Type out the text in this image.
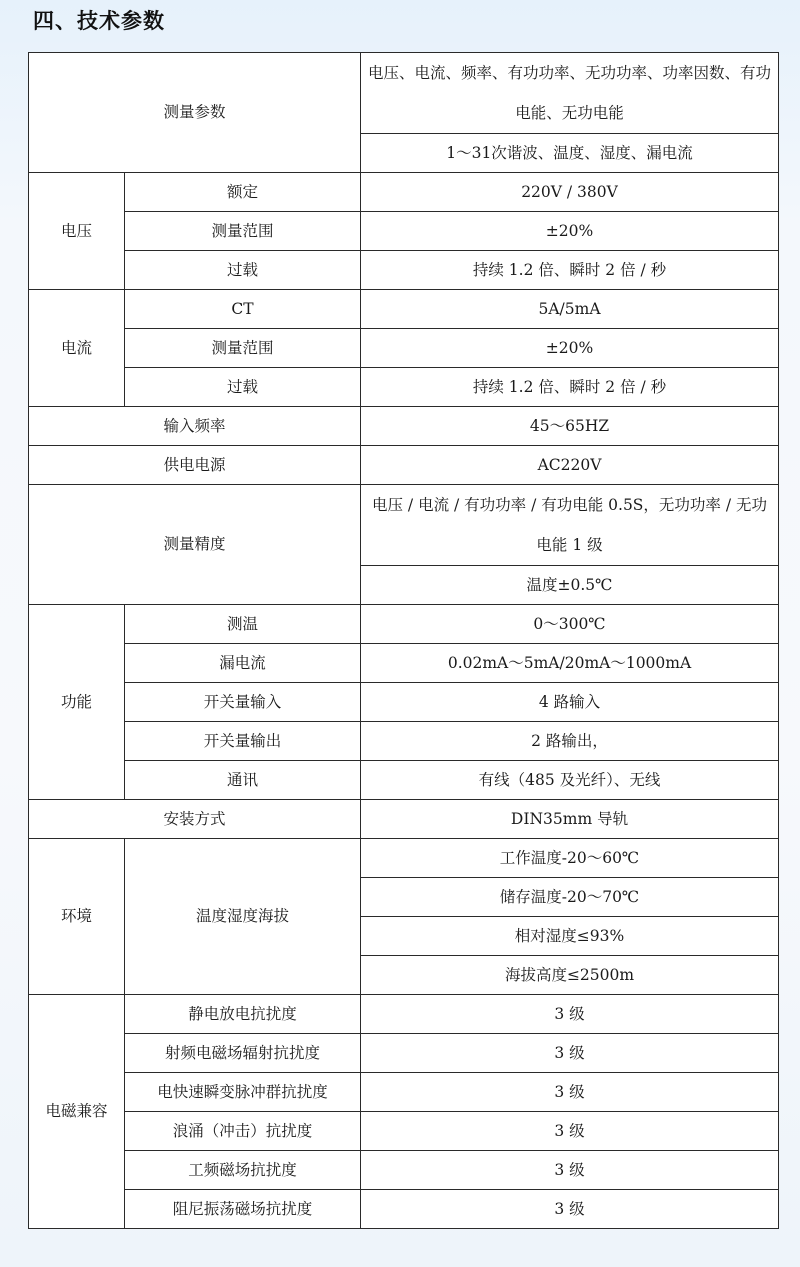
四、技术参数
测量参数		电压、电流、频率、有功功率、无功功率、功率因数、有功电能、无功电能
		1～31次谐波、温度、湿度、漏电流
电压	额定	220V / 380V
	测量范围	±20%
	过载	持续 1.2 倍、瞬时 2 倍 / 秒
电流	CT	5A/5mA
	测量范围	±20%
	过载	持续 1.2 倍、瞬时 2 倍 / 秒
输入频率		45～65HZ
供电电源		AC220V
测量精度		电压 / 电流 / 有功功率 / 有功电能 0.5S，无功功率 / 无功电能 1 级
		温度±0.5℃
功能	测温	0～300℃
	漏电流	0.02mA～5mA/20mA～1000mA
	开关量输入	4 路输入
	开关量输出	2 路输出，
	通讯	有线（485 及光纤）、无线
安装方式		DIN35mm 导轨
环境	温度湿度海拔	工作温度-20～60℃
		储存温度-20～70℃
		相对湿度≤93%
		海拔高度≤2500m
电磁兼容	静电放电抗扰度	3 级
	射频电磁场辐射抗扰度	3 级
	电快速瞬变脉冲群抗扰度	3 级
	浪涌（冲击）抗扰度	3 级
	工频磁场抗扰度	3 级
	阻尼振荡磁场抗扰度	3 级
